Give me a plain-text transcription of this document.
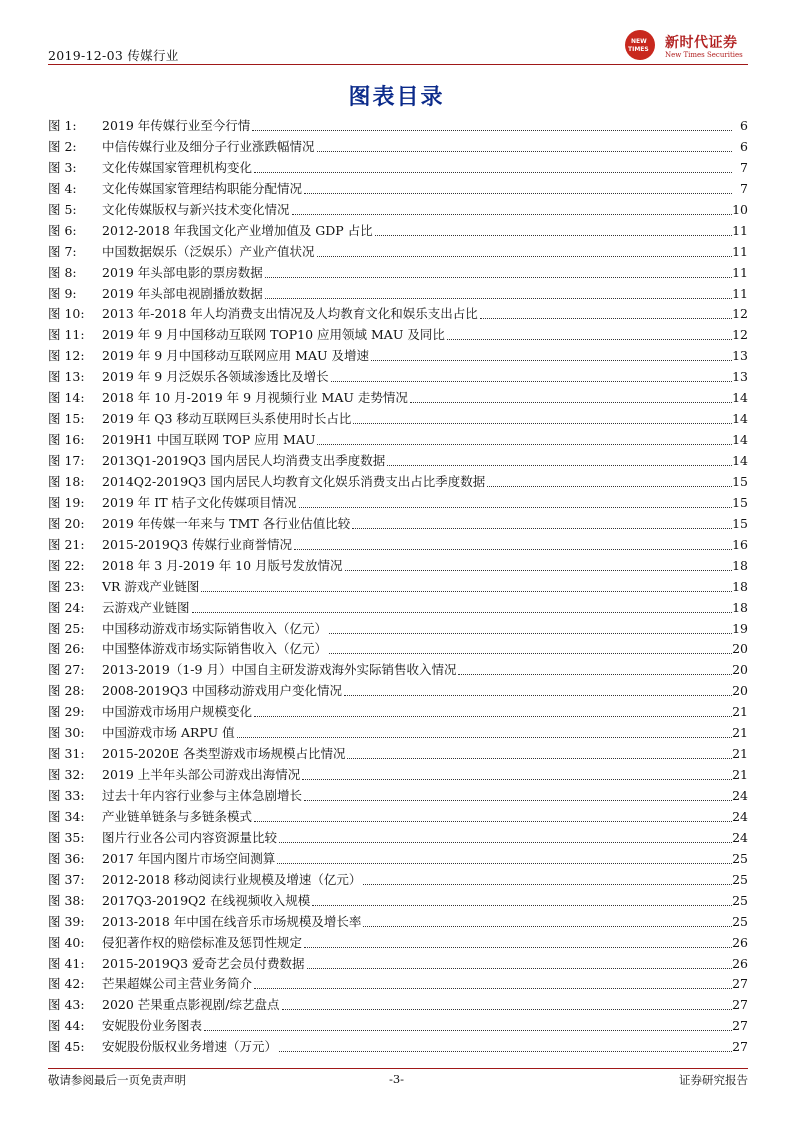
2019-12-03 传媒行业
NEW
TIMES 新时代证券
New Times Securities
图表目录
图 1: 2019 年传媒行业至今行情	6
图 2: 中信传媒行业及细分子行业涨跌幅情况	6
图 3: 文化传媒国家管理机构变化	7
图 4: 文化传媒国家管理结构职能分配情况	7
图 5: 文化传媒版权与新兴技术变化情况	10
图 6: 2012-2018 年我国文化产业增加值及 GDP 占比	11
图 7: 中国数据娱乐（泛娱乐）产业产值状况	11
图 8: 2019 年头部电影的票房数据	11
图 9: 2019 年头部电视剧播放数据	11
图 10: 2013 年-2018 年人均消费支出情况及人均教育文化和娱乐支出占比	12
图 11: 2019 年 9 月中国移动互联网 TOP10 应用领域 MAU 及同比	12
图 12: 2019 年 9 月中国移动互联网应用 MAU 及增速	13
图 13: 2019 年 9 月泛娱乐各领域渗透比及增长	13
图 14: 2018 年 10 月-2019 年 9 月视频行业 MAU 走势情况	14
图 15: 2019 年 Q3 移动互联网巨头系使用时长占比	14
图 16: 2019H1 中国互联网 TOP 应用 MAU	14
图 17: 2013Q1-2019Q3 国内居民人均消费支出季度数据	14
图 18: 2014Q2-2019Q3 国内居民人均教育文化娱乐消费支出占比季度数据	15
图 19: 2019 年 IT 桔子文化传媒项目情况	15
图 20: 2019 年传媒一年来与 TMT 各行业估值比较	15
图 21: 2015-2019Q3 传媒行业商誉情况	16
图 22: 2018 年 3 月-2019 年 10 月版号发放情况	18
图 23: VR 游戏产业链图	18
图 24: 云游戏产业链图	18
图 25: 中国移动游戏市场实际销售收入（亿元）	19
图 26: 中国整体游戏市场实际销售收入（亿元）	20
图 27: 2013-2019（1-9 月）中国自主研发游戏海外实际销售收入情况	20
图 28: 2008-2019Q3 中国移动游戏用户变化情况	20
图 29: 中国游戏市场用户规模变化	21
图 30: 中国游戏市场 ARPU 值	21
图 31: 2015-2020E 各类型游戏市场规模占比情况	21
图 32: 2019 上半年头部公司游戏出海情况	21
图 33: 过去十年内容行业参与主体急剧增长	24
图 34: 产业链单链条与多链条模式	24
图 35: 图片行业各公司内容资源量比较	24
图 36: 2017 年国内图片市场空间测算	25
图 37: 2012-2018 移动阅读行业规模及增速（亿元）	25
图 38: 2017Q3-2019Q2 在线视频收入规模	25
图 39: 2013-2018 年中国在线音乐市场规模及增长率	25
图 40: 侵犯著作权的赔偿标准及惩罚性规定	26
图 41: 2015-2019Q3 爱奇艺会员付费数据	26
图 42: 芒果超媒公司主营业务简介	27
图 43: 2020 芒果重点影视剧/综艺盘点	27
图 44: 安妮股份业务图表	27
图 45: 安妮股份版权业务增速（万元）	27
敬请参阅最后一页免责声明	-3-	证券研究报告
